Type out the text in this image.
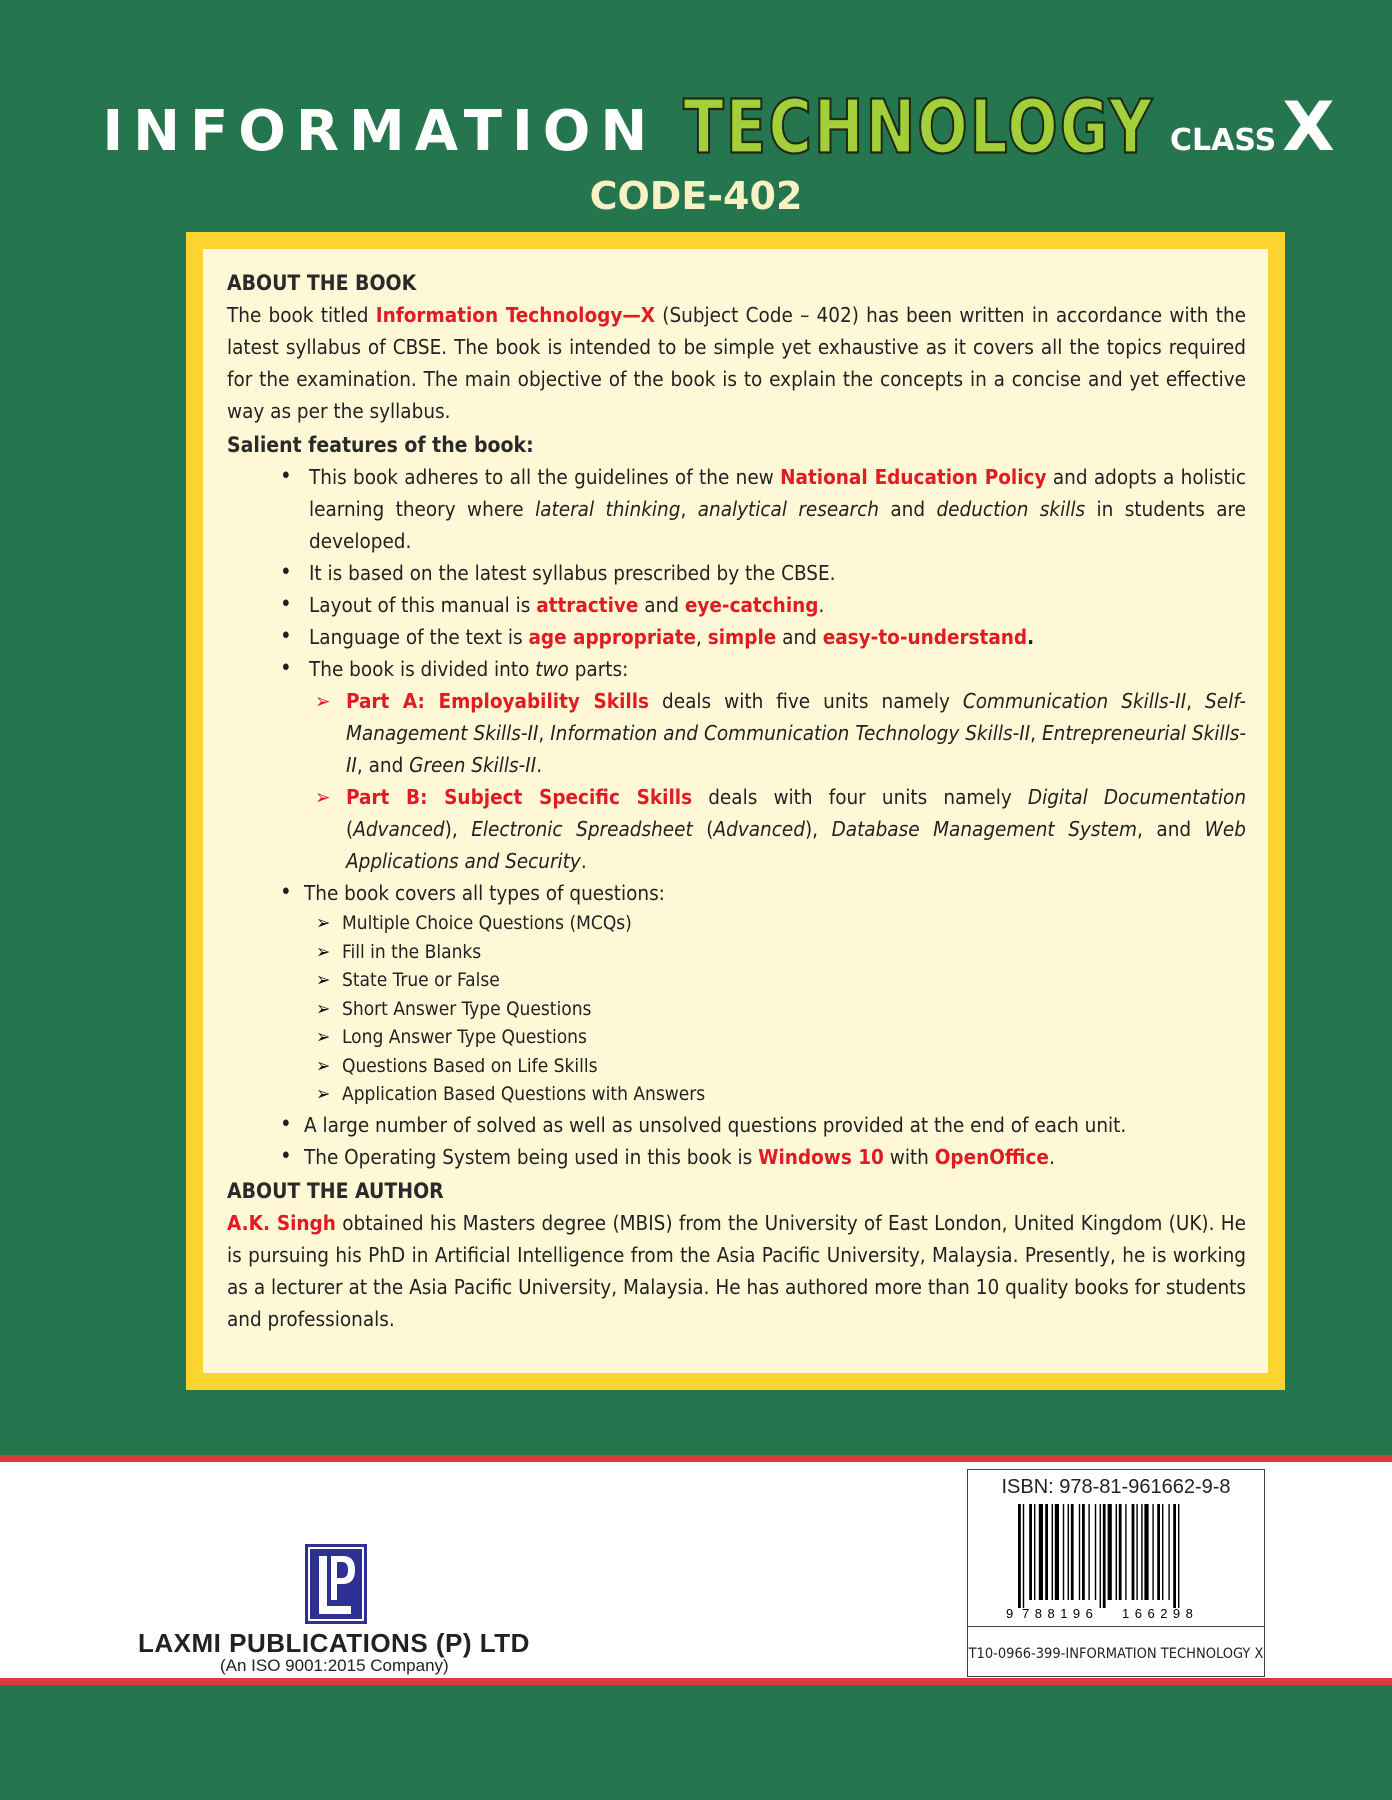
INFORMATION TECHNOLOGY CLASS X
CODE-402
ABOUT THE BOOK
The book titled Information Technology—X (Subject Code – 402) has been written in accordance with the latest syllabus of CBSE. The book is intended to be simple yet exhaustive as it covers all the topics required for the examination. The main objective of the book is to explain the concepts in a concise and yet effective way as per the syllabus.
Salient features of the book:
• This book adheres to all the guidelines of the new National Education Policy and adopts a holistic learning theory where lateral thinking, analytical research and deduction skills in students are developed.
• It is based on the latest syllabus prescribed by the CBSE.
• Layout of this manual is attractive and eye-catching.
• Language of the text is age appropriate, simple and easy-to-understand.
• The book is divided into two parts:
➢ Part A: Employability Skills deals with five units namely Communication Skills-II, Self-Management Skills-II, Information and Communication Technology Skills-II, Entrepreneurial Skills-II, and Green Skills-II.
➢ Part B: Subject Specific Skills deals with four units namely Digital Documentation (Advanced), Electronic Spreadsheet (Advanced), Database Management System, and Web Applications and Security.
• The book covers all types of questions:
➢ Multiple Choice Questions (MCQs)
➢ Fill in the Blanks
➢ State True or False
➢ Short Answer Type Questions
➢ Long Answer Type Questions
➢ Questions Based on Life Skills
➢ Application Based Questions with Answers
• A large number of solved as well as unsolved questions provided at the end of each unit.
• The Operating System being used in this book is Windows 10 with OpenOffice.
ABOUT THE AUTHOR
A.K. Singh obtained his Masters degree (MBIS) from the University of East London, United Kingdom (UK). He is pursuing his PhD in Artificial Intelligence from the Asia Pacific University, Malaysia. Presently, he is working as a lecturer at the Asia Pacific University, Malaysia. He has authored more than 10 quality books for students and professionals.
LAXMI PUBLICATIONS (P) LTD
(An ISO 9001:2015 Company)
ISBN: 978-81-961662-9-8
9 788196 166298
T10-0966-399-INFORMATION TECHNOLOGY X
